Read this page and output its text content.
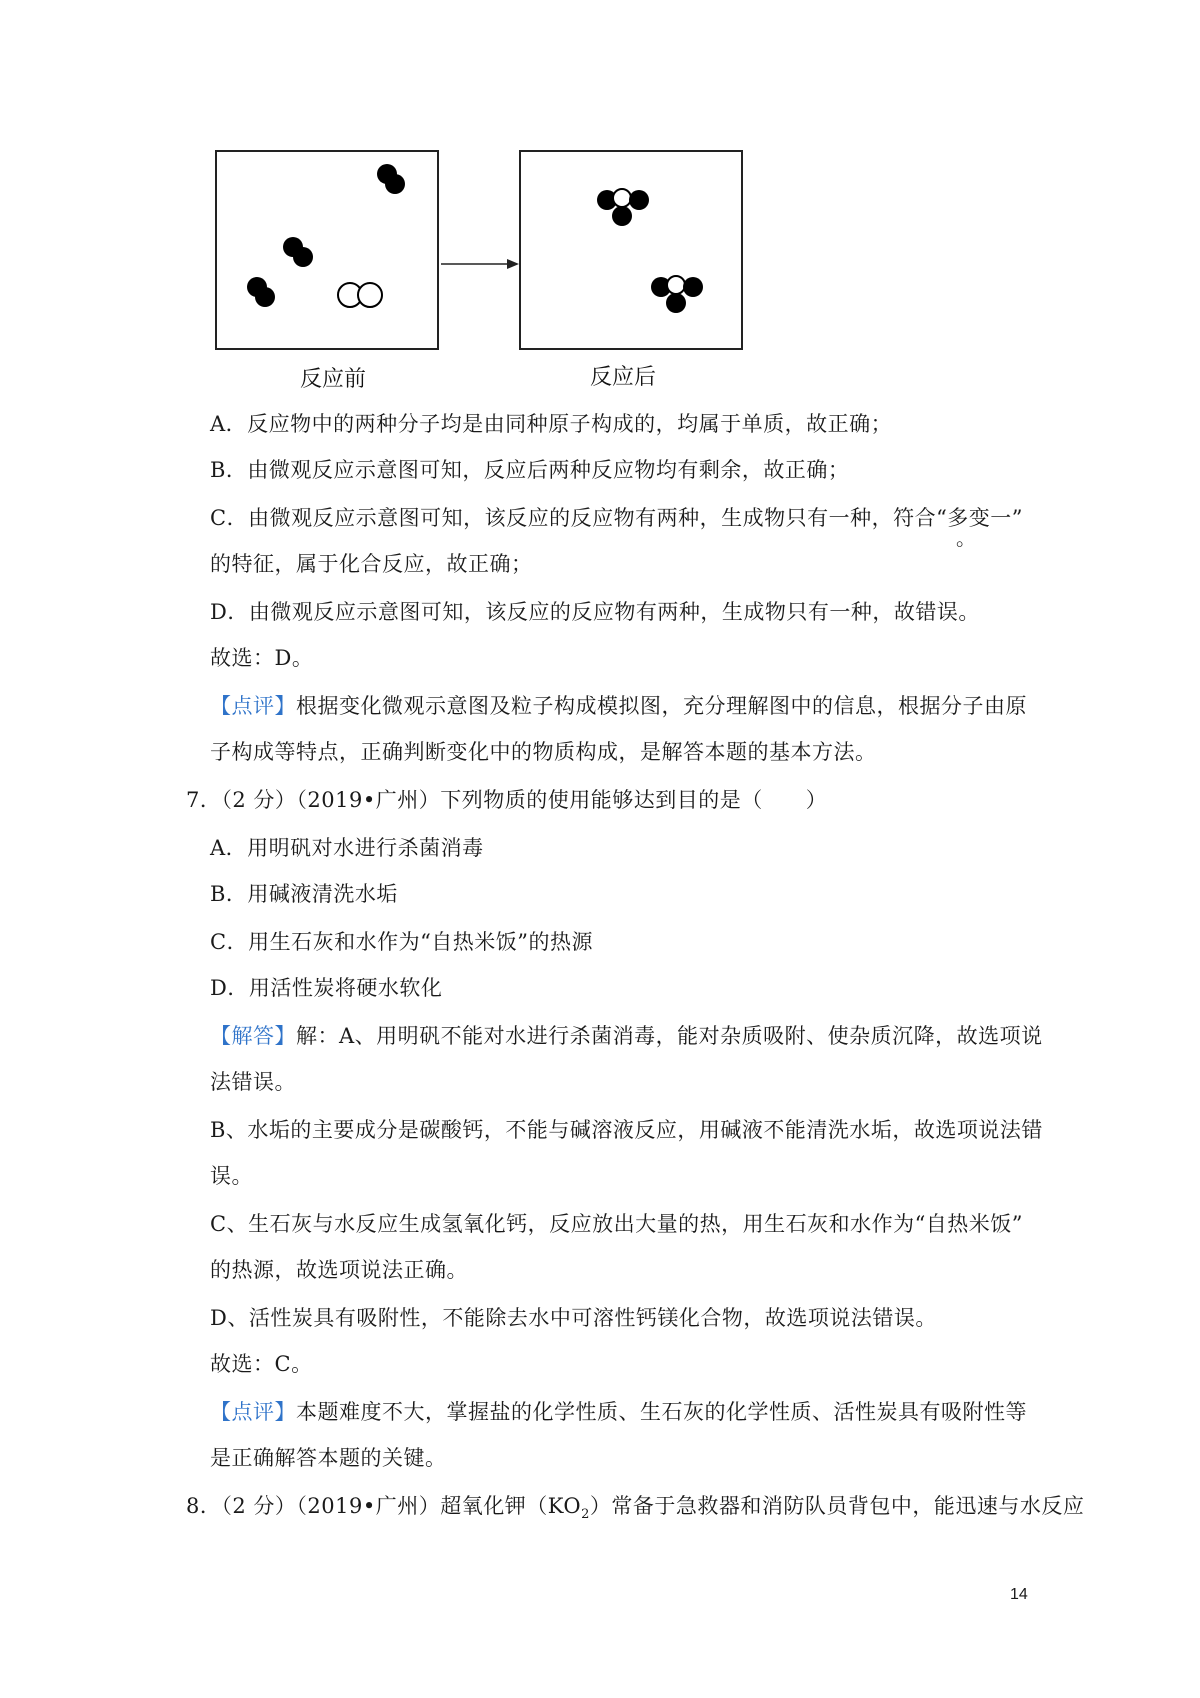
反应前	反应后
。
A．反应物中的两种分子均是由同种原子构成的，均属于单质，故正确；
B．由微观反应示意图可知，反应后两种反应物均有剩余，故正确；
C．由微观反应示意图可知，该反应的反应物有两种，生成物只有一种，符合“多变一”
的特征，属于化合反应，故正确；
D．由微观反应示意图可知，该反应的反应物有两种，生成物只有一种，故错误。
故选：D。
【点评】根据变化微观示意图及粒子构成模拟图，充分理解图中的信息，根据分子由原
子构成等特点，正确判断变化中的物质构成，是解答本题的基本方法。
7．（2 分）（2019•广州）下列物质的使用能够达到目的是（　　）
A．用明矾对水进行杀菌消毒
B．用碱液清洗水垢
C．用生石灰和水作为“自热米饭”的热源
D．用活性炭将硬水软化
【解答】解：A、用明矾不能对水进行杀菌消毒，能对杂质吸附、使杂质沉降，故选项说
法错误。
B、水垢的主要成分是碳酸钙，不能与碱溶液反应，用碱液不能清洗水垢，故选项说法错
误。
C、生石灰与水反应生成氢氧化钙，反应放出大量的热，用生石灰和水作为“自热米饭”
的热源，故选项说法正确。
D、活性炭具有吸附性，不能除去水中可溶性钙镁化合物，故选项说法错误。
故选：C。
【点评】本题难度不大，掌握盐的化学性质、生石灰的化学性质、活性炭具有吸附性等
是正确解答本题的关键。
8．（2 分）（2019•广州）超氧化钾$(KO_2)$常备于急救器和消防队员背包中，能迅速与水反应
14
